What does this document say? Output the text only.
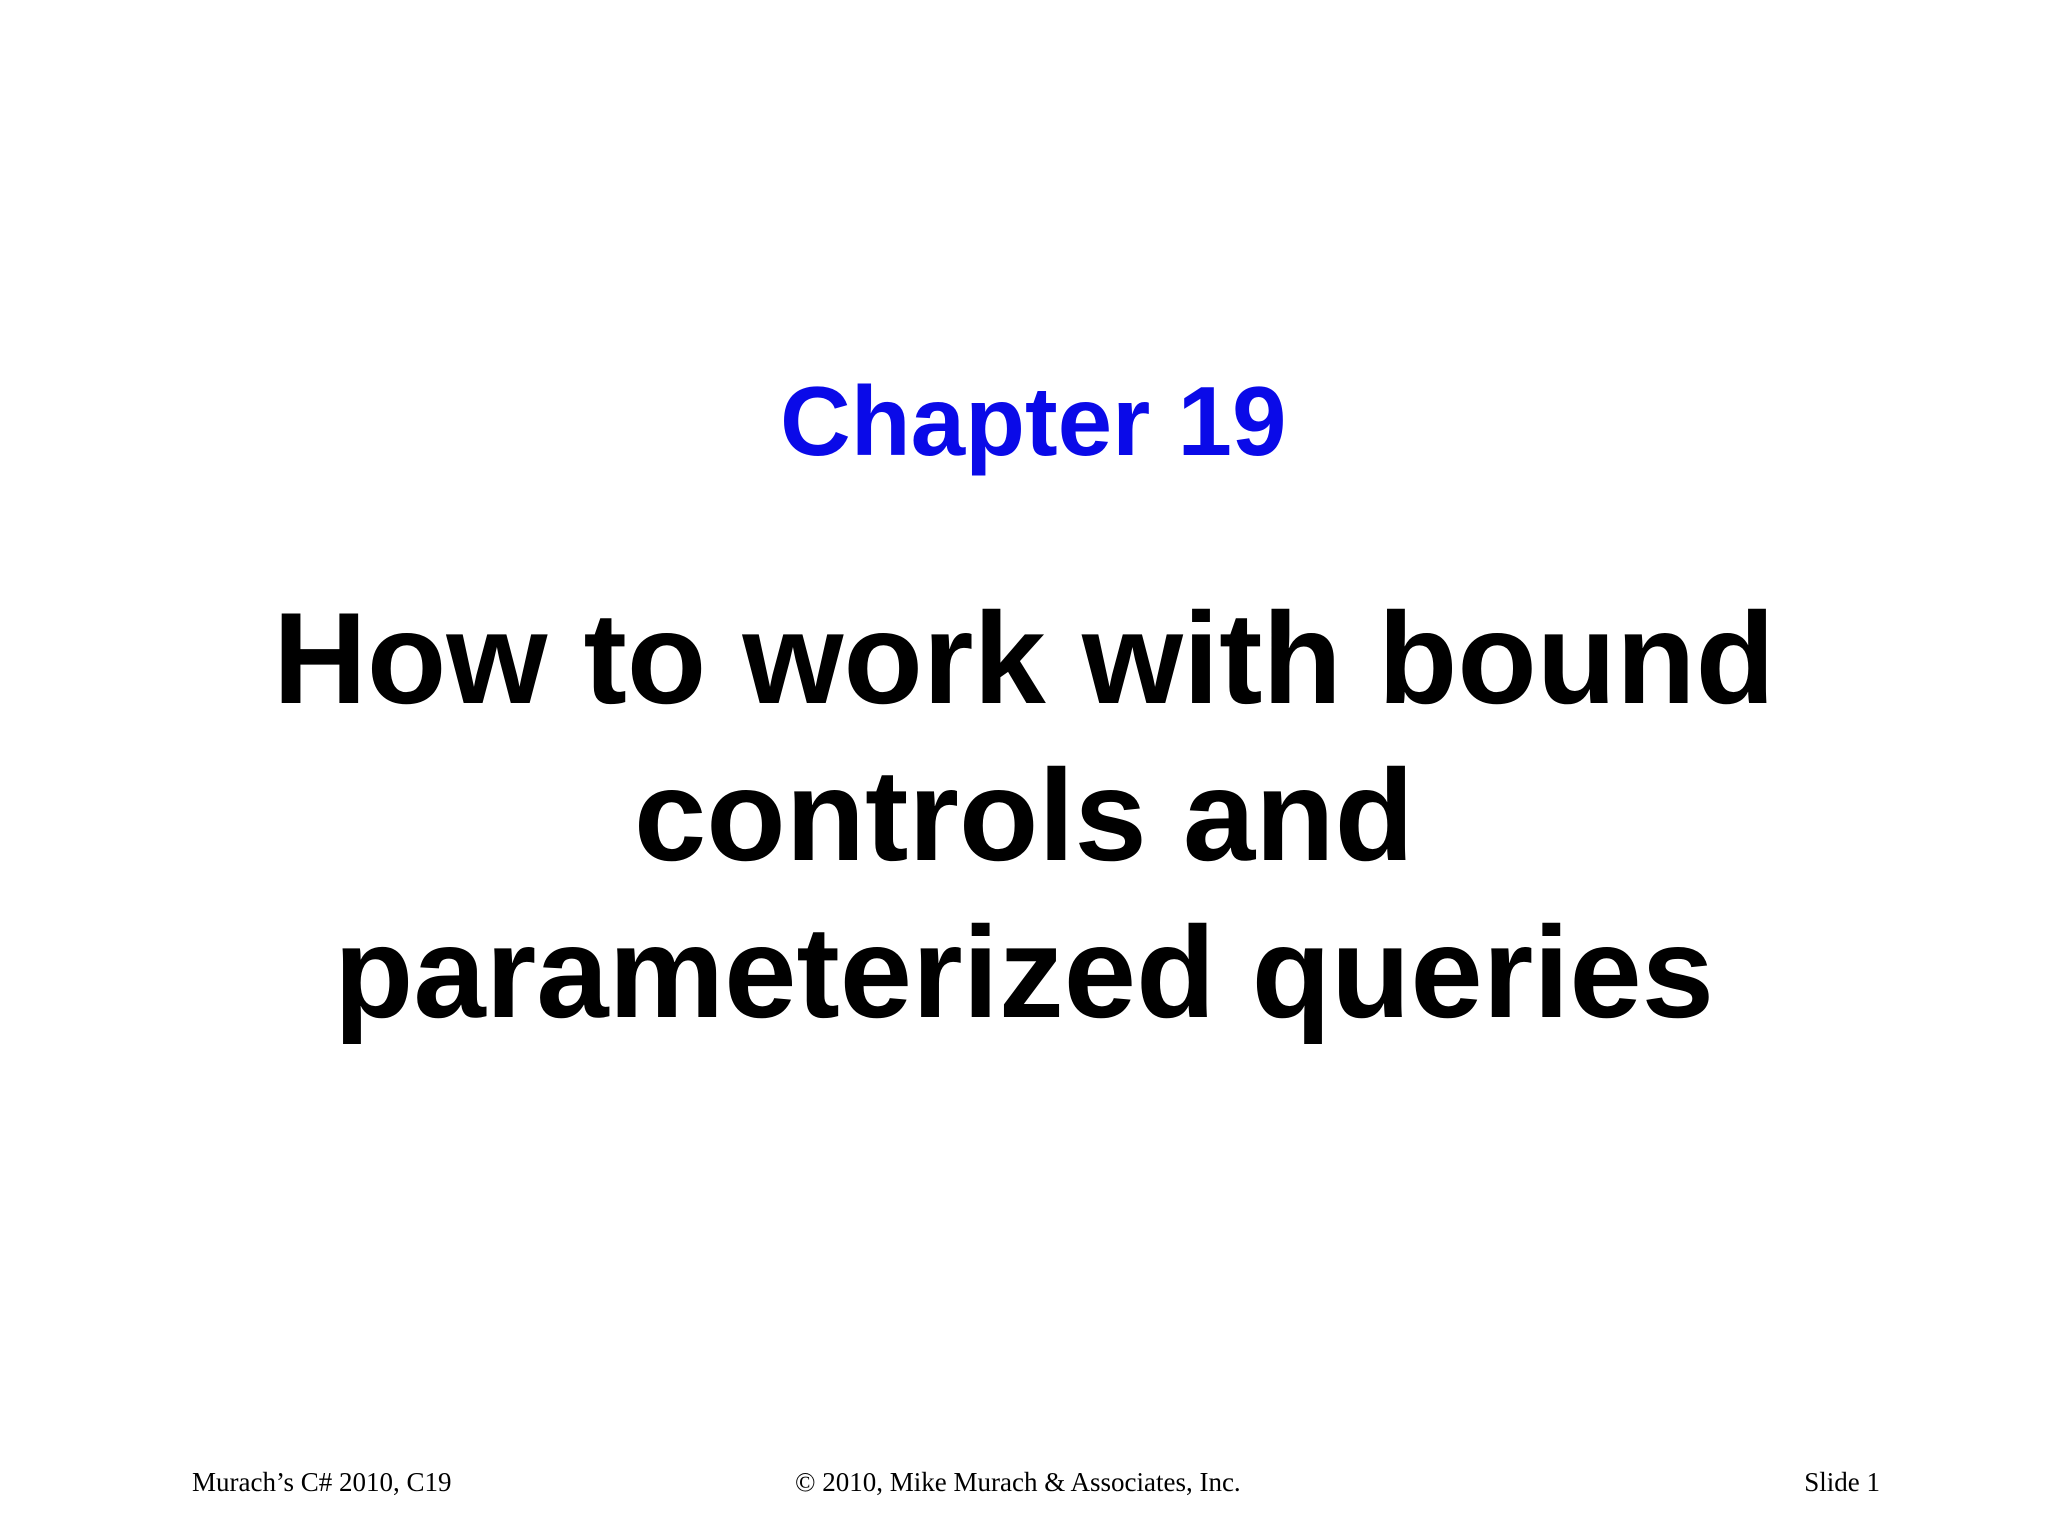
Chapter 19
How to work with bound
controls and
parameterized queries
Murach’s C# 2010, C19	© 2010, Mike Murach & Associates, Inc.	Slide 1
